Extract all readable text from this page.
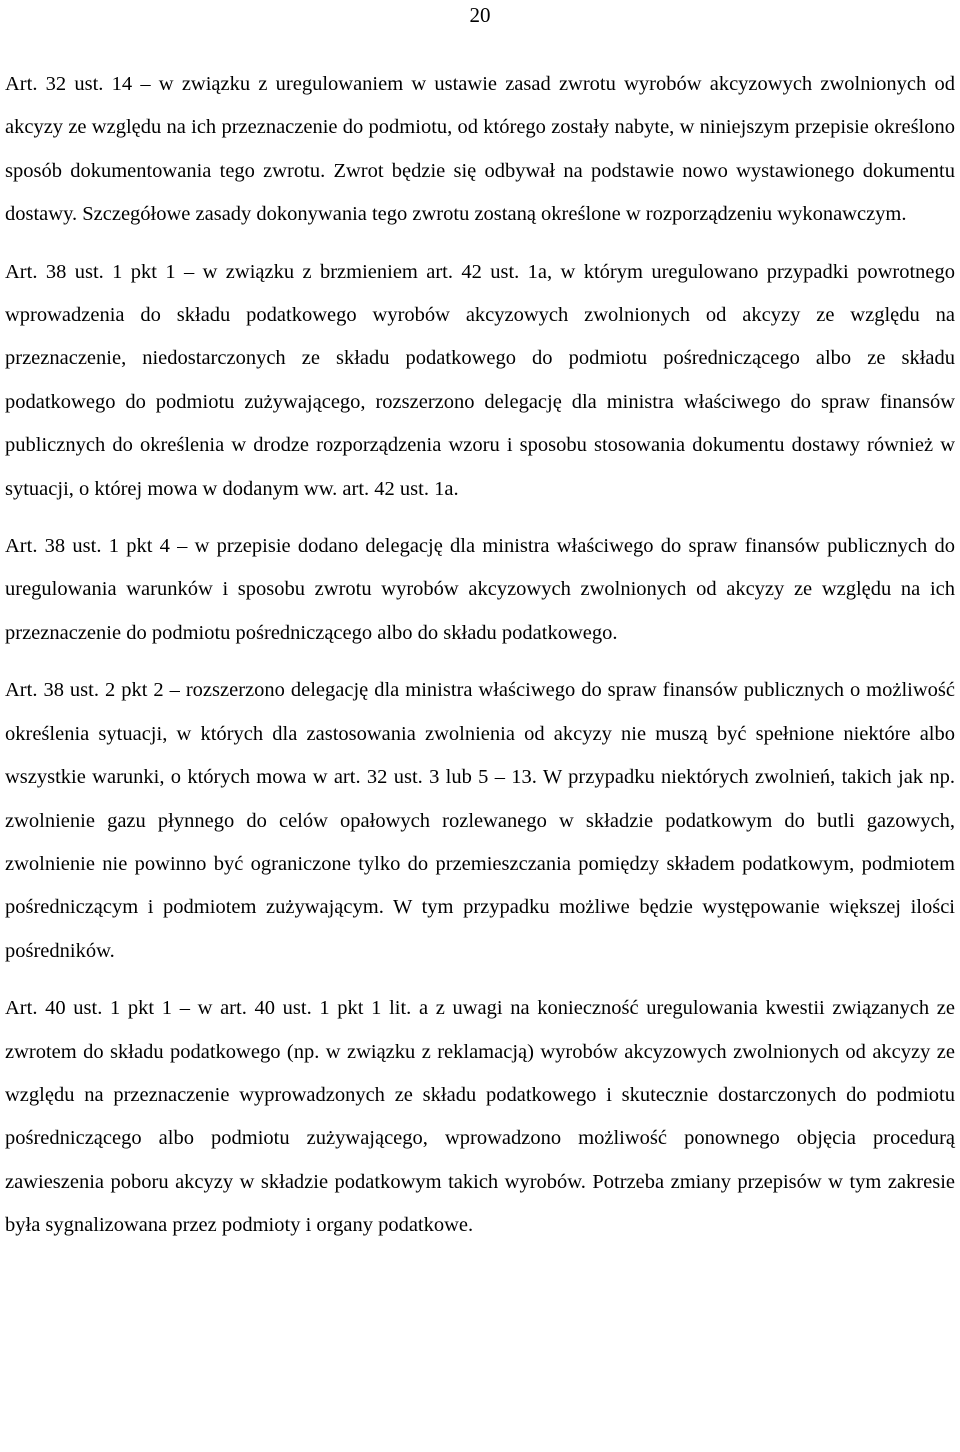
20

Art. 32 ust. 14 – w związku z uregulowaniem w ustawie zasad zwrotu wyrobów akcyzowych zwolnionych od akcyzy ze względu na ich przeznaczenie do podmiotu, od którego zostały nabyte, w niniejszym przepisie określono sposób dokumentowania tego zwrotu. Zwrot będzie się odbywał na podstawie nowo wystawionego dokumentu dostawy. Szczegółowe zasady dokonywania tego zwrotu zostaną określone w rozporządzeniu wykonawczym.

Art. 38 ust. 1 pkt 1 – w związku z brzmieniem art. 42 ust. 1a, w którym uregulowano przypadki powrotnego wprowadzenia do składu podatkowego wyrobów akcyzowych zwolnionych od akcyzy ze względu na przeznaczenie, niedostarczonych ze składu podatkowego do podmiotu pośredniczącego albo ze składu podatkowego do podmiotu zużywającego, rozszerzono delegację dla ministra właściwego do spraw finansów publicznych do określenia w drodze rozporządzenia wzoru i sposobu stosowania dokumentu dostawy również w sytuacji, o której mowa w dodanym ww. art. 42 ust. 1a.

Art. 38 ust. 1 pkt 4 – w przepisie dodano delegację dla ministra właściwego do spraw finansów publicznych do uregulowania warunków i sposobu zwrotu wyrobów akcyzowych zwolnionych od akcyzy ze względu na ich przeznaczenie do podmiotu pośredniczącego albo do składu podatkowego.

Art. 38 ust. 2 pkt 2 – rozszerzono delegację dla ministra właściwego do spraw finansów publicznych o możliwość określenia sytuacji, w których dla zastosowania zwolnienia od akcyzy nie muszą być spełnione niektóre albo wszystkie warunki, o których mowa w art. 32 ust. 3 lub 5 – 13. W przypadku niektórych zwolnień, takich jak np. zwolnienie gazu płynnego do celów opałowych rozlewanego w składzie podatkowym do butli gazowych, zwolnienie nie powinno być ograniczone tylko do przemieszczania pomiędzy składem podatkowym, podmiotem pośredniczącym i podmiotem zużywającym. W tym przypadku możliwe będzie występowanie większej ilości pośredników.

Art. 40 ust. 1 pkt 1 – w art. 40 ust. 1 pkt 1 lit. a z uwagi na konieczność uregulowania kwestii związanych ze zwrotem do składu podatkowego (np. w związku z reklamacją) wyrobów akcyzowych zwolnionych od akcyzy ze względu na przeznaczenie wyprowadzonych ze składu podatkowego i skutecznie dostarczonych do podmiotu pośredniczącego albo podmiotu zużywającego, wprowadzono możliwość ponownego objęcia procedurą zawieszenia poboru akcyzy w składzie podatkowym takich wyrobów. Potrzeba zmiany przepisów w tym zakresie była sygnalizowana przez podmioty i organy podatkowe.
